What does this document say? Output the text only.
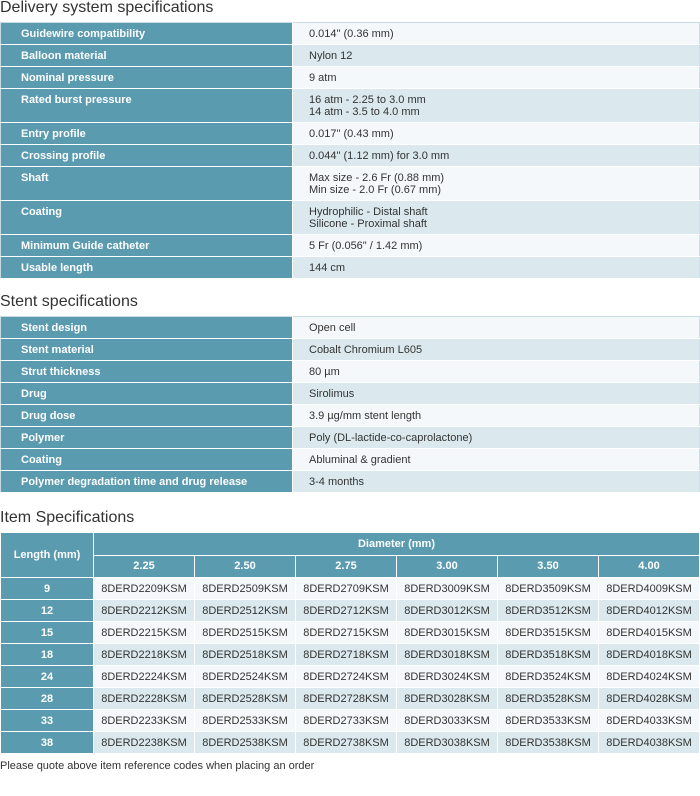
Delivery system specifications
Guidewire compatibility	0.014" (0.36 mm)

Balloon material	Nylon 12

Nominal pressure	9 atm

Rated burst pressure	16 atm - 2.25 to 3.0 mm
14 atm - 3.5 to 4.0 mm

Entry profile	0.017" (0.43 mm)

Crossing profile	0.044" (1.12 mm) for 3.0 mm

Shaft	Max size - 2.6 Fr (0.88 mm)
Min size - 2.0 Fr (0.67 mm)

Coating	Hydrophilic - Distal shaft
Silicone - Proximal shaft

Minimum Guide catheter	5 Fr (0.056" / 1.42 mm)

Usable length	144 cm
Stent specifications
Stent design	Open cell

Stent material	Cobalt Chromium L605

Strut thickness	80 µm

Drug	Sirolimus

Drug dose	3.9 µg/mm stent length

Polymer	Poly (DL-lactide-co-caprolactone)

Coating	Abluminal & gradient

Polymer degradation time and drug release	3-4 months
Item Specifications
Length (mm)	Diameter (mm)					
	2.25	2.50	2.75	3.00	3.50	4.00
9	8DERD2209KSM	8DERD2509KSM	8DERD2709KSM	8DERD3009KSM	8DERD3509KSM	8DERD4009KSM
12	8DERD2212KSM	8DERD2512KSM	8DERD2712KSM	8DERD3012KSM	8DERD3512KSM	8DERD4012KSM
15	8DERD2215KSM	8DERD2515KSM	8DERD2715KSM	8DERD3015KSM	8DERD3515KSM	8DERD4015KSM
18	8DERD2218KSM	8DERD2518KSM	8DERD2718KSM	8DERD3018KSM	8DERD3518KSM	8DERD4018KSM
24	8DERD2224KSM	8DERD2524KSM	8DERD2724KSM	8DERD3024KSM	8DERD3524KSM	8DERD4024KSM
28	8DERD2228KSM	8DERD2528KSM	8DERD2728KSM	8DERD3028KSM	8DERD3528KSM	8DERD4028KSM
33	8DERD2233KSM	8DERD2533KSM	8DERD2733KSM	8DERD3033KSM	8DERD3533KSM	8DERD4033KSM
38	8DERD2238KSM	8DERD2538KSM	8DERD2738KSM	8DERD3038KSM	8DERD3538KSM	8DERD4038KSM
Please quote above item reference codes when placing an order
